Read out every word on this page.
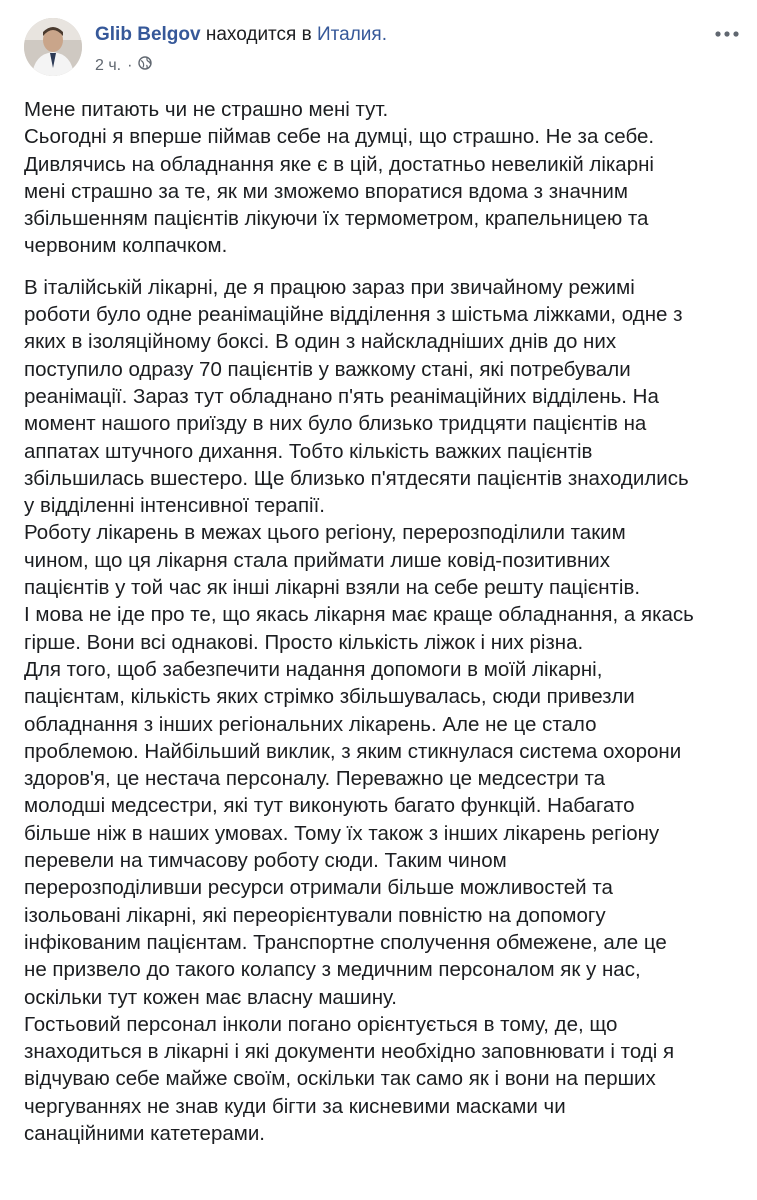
Glib Belgov находится в Италия.
2 ч. ·

Мене питають чи не страшно мені тут.
Сьогодні я вперше піймав себе на думці, що страшно. Не за себе.
Дивлячись на обладнання яке є в цій, достатньо невеликій лікарні
мені страшно за те, як ми зможемо впоратися вдома з значним
збільшенням пацієнтів лікуючи їх термометром, крапельницею та
червоним колпачком.

В італійській лікарні, де я працюю зараз при звичайному режимі
роботи було одне реанімаційне відділення з шістьма ліжками, одне з
яких в ізоляційному боксі. В один з найскладніших днів до них
поступило одразу 70 пацієнтів у важкому стані, які потребували
реанімації. Зараз тут обладнано п'ять реанімаційних відділень. На
момент нашого приїзду в них було близько тридцяти пацієнтів на
аппатах штучного дихання. Тобто кількість важких пацієнтів
збільшилась вшестеро. Ще близько п'ятдесяти пацієнтів знаходились
у відділенні інтенсивної терапії.
Роботу лікарень в межах цього регіону, перерозподілили таким
чином, що ця лікарня стала приймати лише ковід-позитивних
пацієнтів у той час як інші лікарні взяли на себе решту пацієнтів.
І мова не іде про те, що якась лікарня має краще обладнання, а якась
гірше. Вони всі однакові. Просто кількість ліжок і них різна.
Для того, щоб забезпечити надання допомоги в моїй лікарні,
пацієнтам, кількість яких стрімко збільшувалась, сюди привезли
обладнання з інших регіональних лікарень. Але не це стало
проблемою. Найбільший виклик, з яким стикнулася система охорони
здоров'я, це нестача персоналу. Переважно це медсестри та
молодші медсестри, які тут виконують багато функцій. Набагато
більше ніж в наших умовах. Тому їх також з інших лікарень регіону
перевели на тимчасову роботу сюди. Таким чином
перерозподіливши ресурси отримали більше можливостей та
ізольовані лікарні, які переорієнтували повністю на допомогу
інфікованим пацієнтам. Транспортне сполучення обмежене, але це
не призвело до такого колапсу з медичним персоналом як у нас,
оскільки тут кожен має власну машину.
Гостьовий персонал інколи погано орієнтується в тому, де, що
знаходиться в лікарні і які документи необхідно заповнювати і тоді я
відчуваю себе майже своїм, оскільки так само як і вони на перших
чергуваннях не знав куди бігти за кисневими масками чи
санаційними катетерами.
